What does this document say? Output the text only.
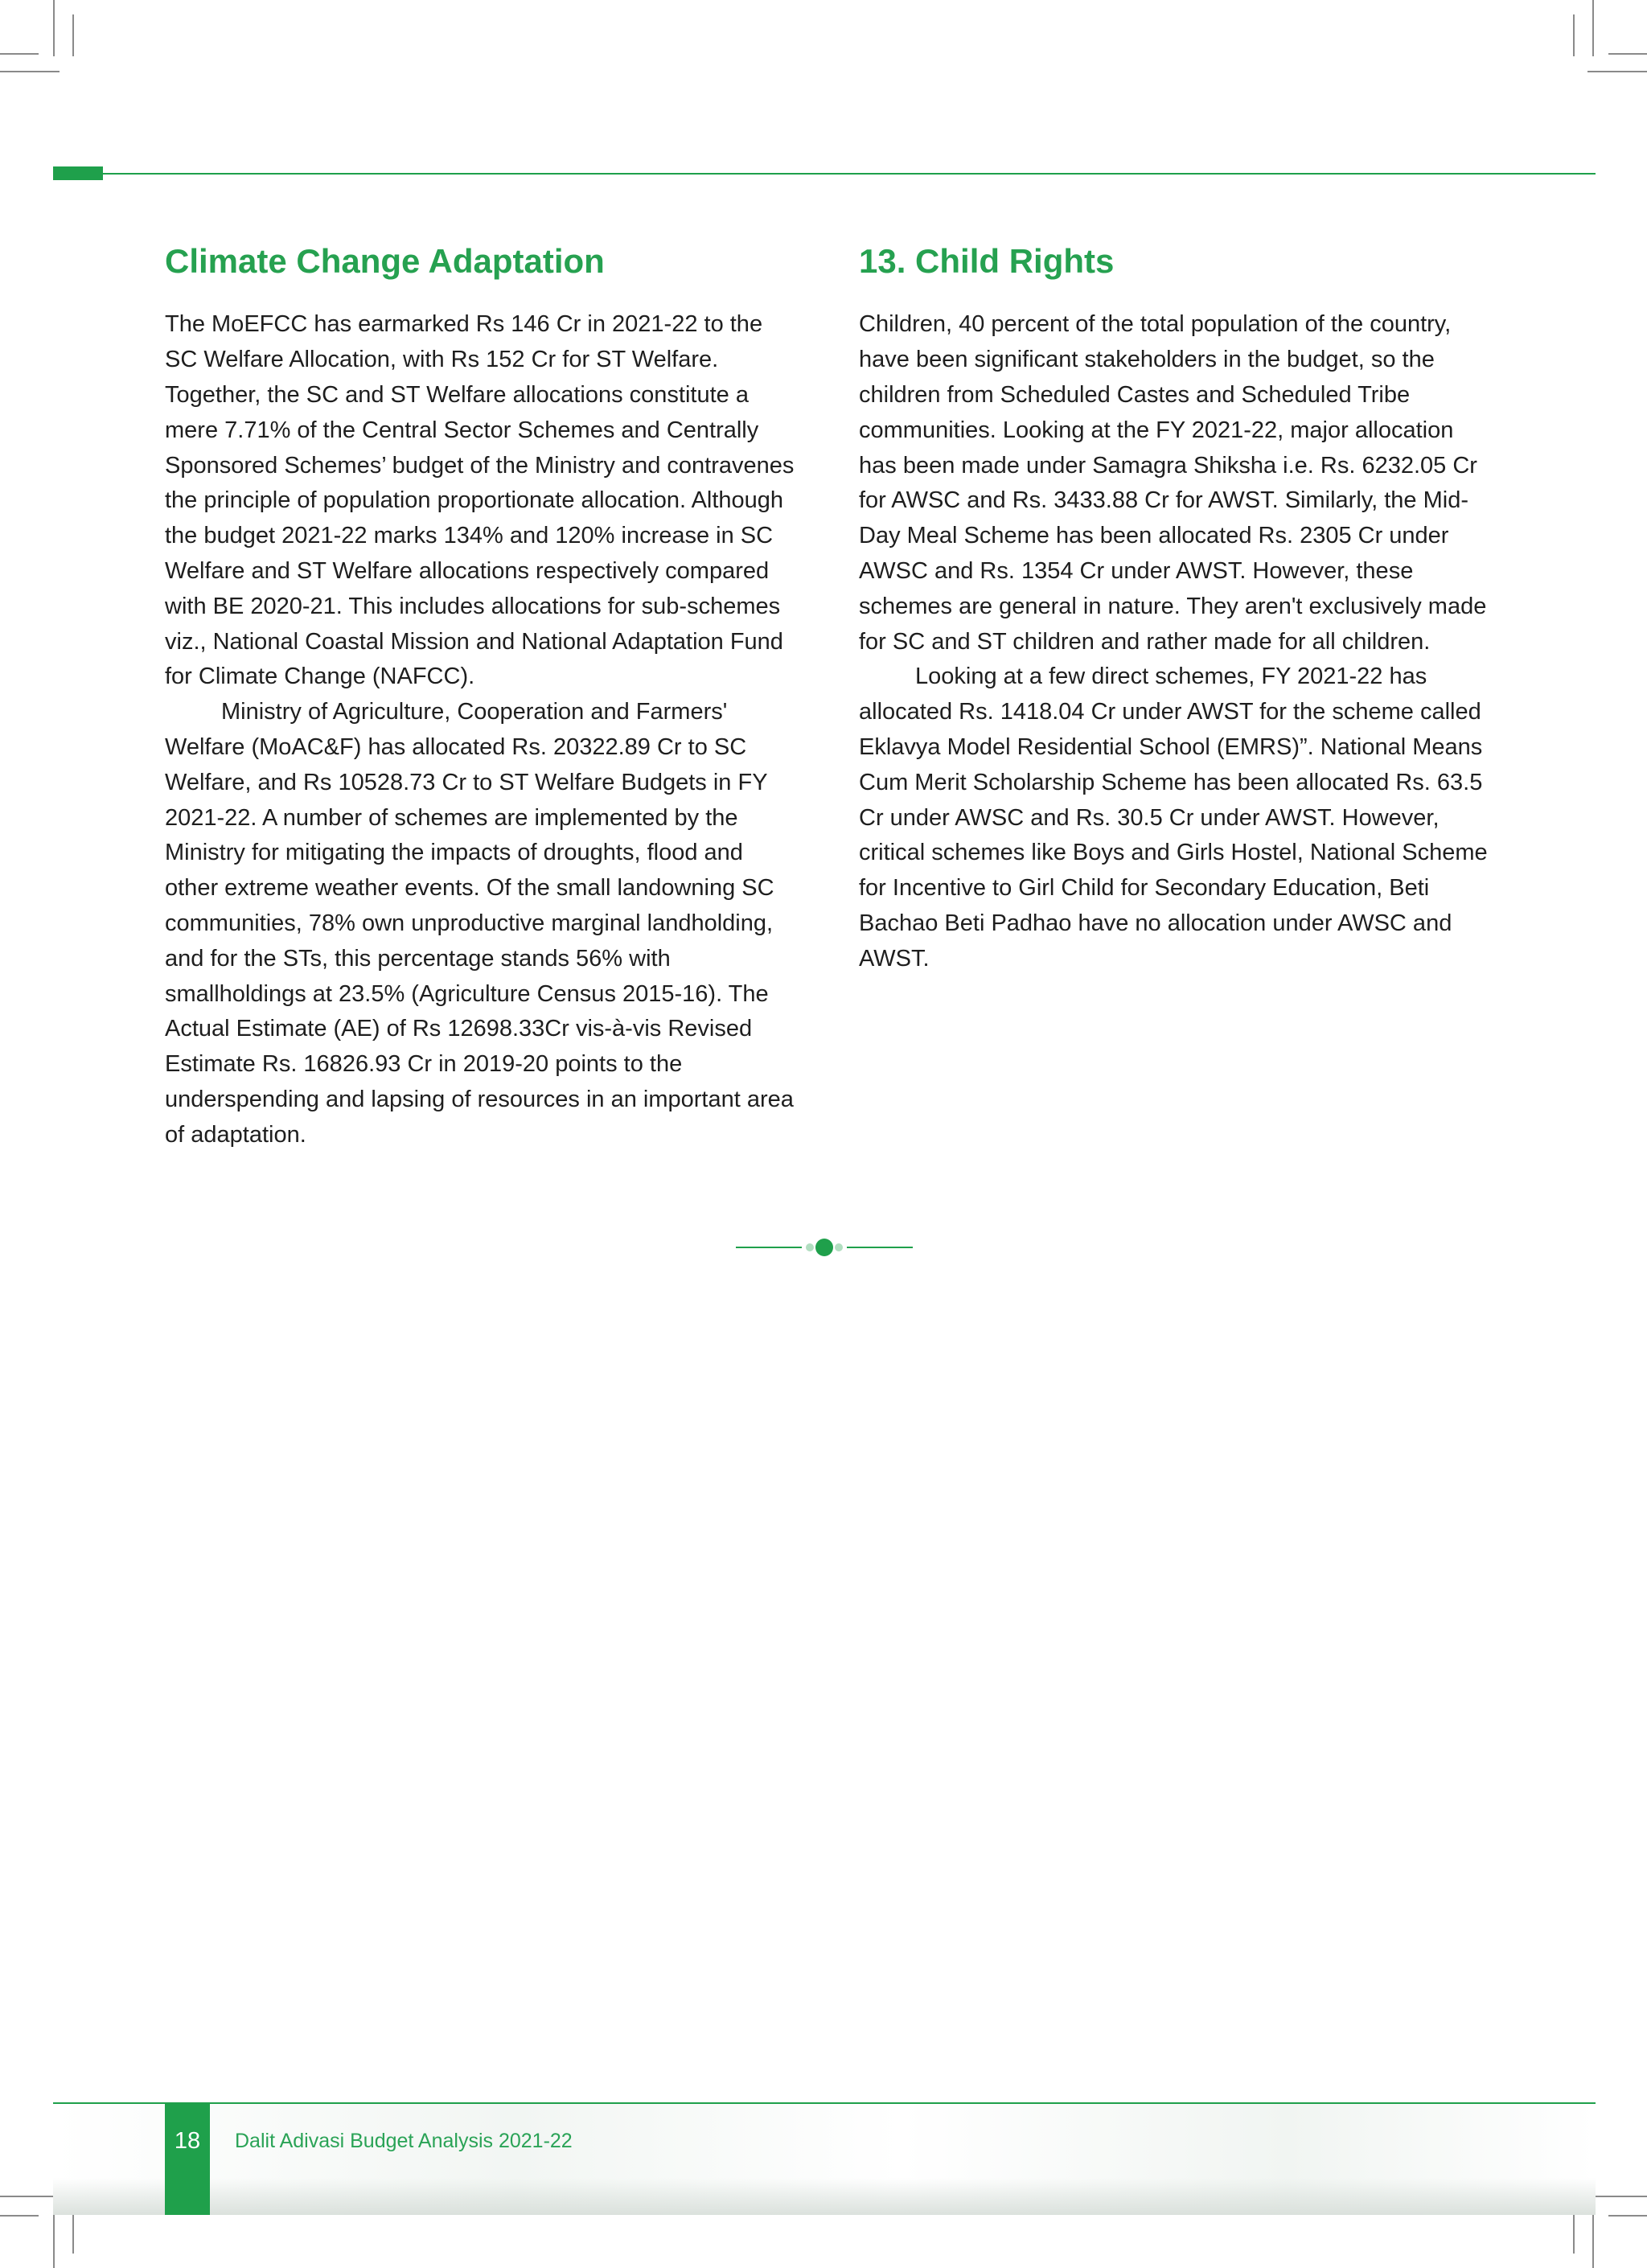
Climate Change Adaptation

The MoEFCC has earmarked Rs 146 Cr in 2021-22 to the SC Welfare Allocation, with Rs 152 Cr for ST Welfare. Together, the SC and ST Welfare allocations constitute a mere 7.71% of the Central Sector Schemes and Centrally Sponsored Schemes’ budget of the Ministry and contravenes the principle of population proportionate allocation. Although the budget 2021-22 marks 134% and 120% increase in SC Welfare and ST Welfare allocations respectively compared with BE 2020-21. This includes allocations for sub-schemes viz., National Coastal Mission and National Adaptation Fund for Climate Change (NAFCC).

Ministry of Agriculture, Cooperation and Farmers' Welfare (MoAC&F) has allocated Rs. 20322.89 Cr to SC Welfare, and Rs 10528.73 Cr to ST Welfare Budgets in FY 2021-22. A number of schemes are implemented by the Ministry for mitigating the impacts of droughts, flood and other extreme weather events. Of the small landowning SC communities, 78% own unproductive marginal landholding, and for the STs, this percentage stands 56% with smallholdings at 23.5% (Agriculture Census 2015-16). The Actual Estimate (AE) of Rs 12698.33Cr vis-à-vis Revised Estimate Rs. 16826.93 Cr in 2019-20 points to the underspending and lapsing of resources in an important area of adaptation.

13. Child Rights

Children, 40 percent of the total population of the country, have been significant stakeholders in the budget, so the children from Scheduled Castes and Scheduled Tribe communities. Looking at the FY 2021-22, major allocation has been made under Samagra Shiksha i.e. Rs. 6232.05 Cr for AWSC and Rs. 3433.88 Cr for AWST. Similarly, the Mid-Day Meal Scheme has been allocated Rs. 2305 Cr under AWSC and Rs. 1354 Cr under AWST. However, these schemes are general in nature. They aren't exclusively made for SC and ST children and rather made for all children.

Looking at a few direct schemes, FY 2021-22 has allocated Rs. 1418.04 Cr under AWST for the scheme called Eklavya Model Residential School (EMRS)”. National Means Cum Merit Scholarship Scheme has been allocated Rs. 63.5 Cr under AWSC and Rs. 30.5 Cr under AWST. However, critical schemes like Boys and Girls Hostel, National Scheme for Incentive to Girl Child for Secondary Education, Beti Bachao Beti Padhao have no allocation under AWSC and AWST.

18 Dalit Adivasi Budget Analysis 2021-22
